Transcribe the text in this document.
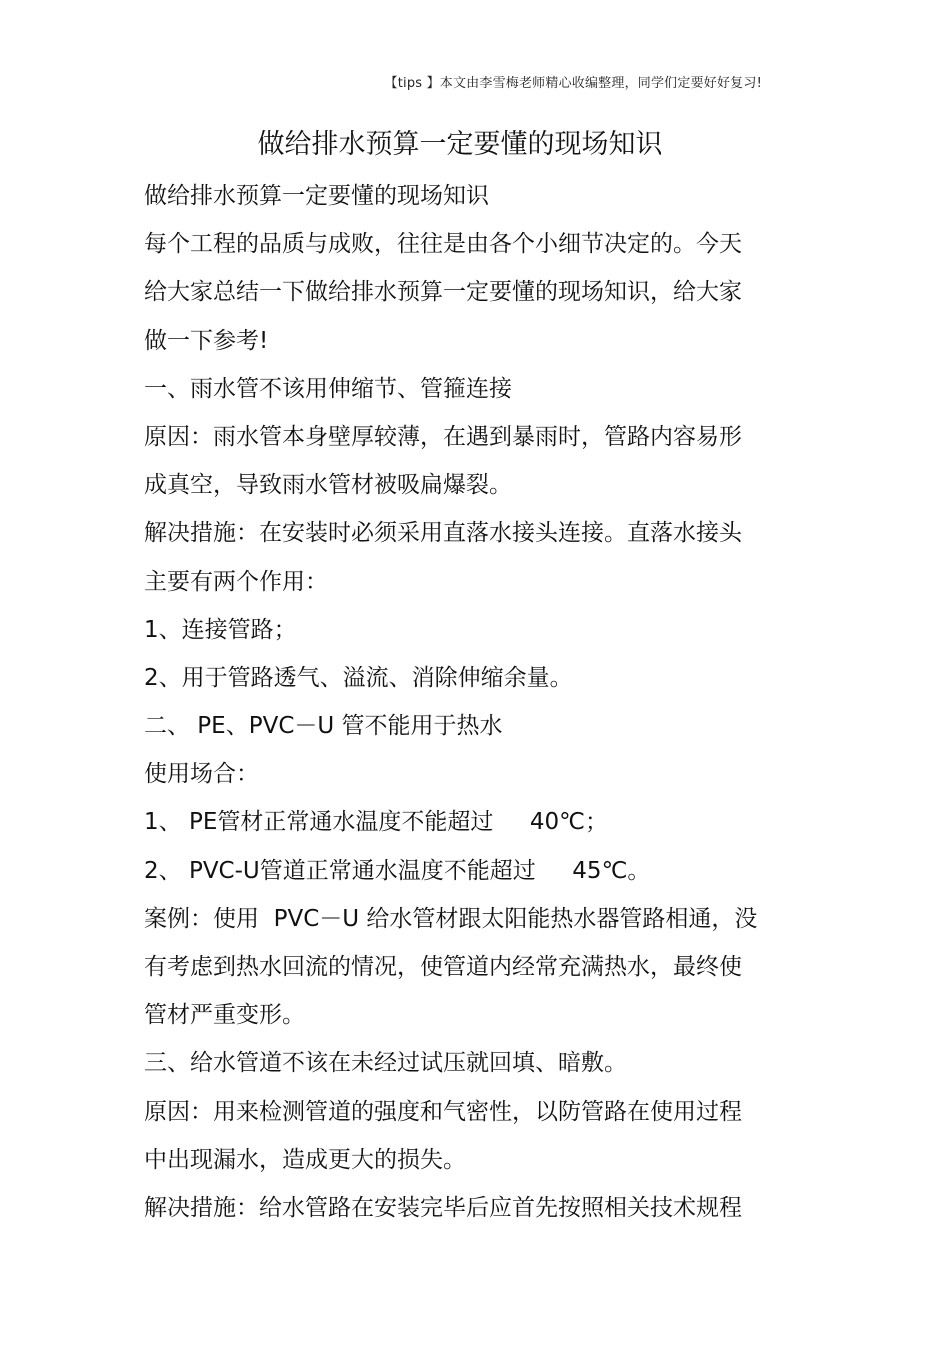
【tips 】本文由李雪梅老师精心收编整理，同学们定要好好复习!
做给排水预算一定要懂的现场知识
做给排水预算一定要懂的现场知识
每个工程的品质与成败，往往是由各个小细节决定的。今天
给大家总结一下做给排水预算一定要懂的现场知识，给大家
做一下参考!
一、雨水管不该用伸缩节、管箍连接
原因：雨水管本身壁厚较薄，在遇到暴雨时，管路内容易形
成真空，导致雨水管材被吸扁爆裂。
解决措施：在安装时必须采用直落水接头连接。直落水接头
主要有两个作用：
1、连接管路；
2、用于管路透气、溢流、消除伸缩余量。
二、 PE、PVC－U 管不能用于热水
使用场合：
1、 PE管材正常通水温度不能超过     40℃；
2、 PVC-U管道正常通水温度不能超过     45℃。
案例：使用  PVC－U 给水管材跟太阳能热水器管路相通，没
有考虑到热水回流的情况，使管道内经常充满热水，最终使
管材严重变形。
三、给水管道不该在未经过试压就回填、暗敷。
原因：用来检测管道的强度和气密性，以防管路在使用过程
中出现漏水，造成更大的损失。
解决措施：给水管路在安装完毕后应首先按照相关技术规程
